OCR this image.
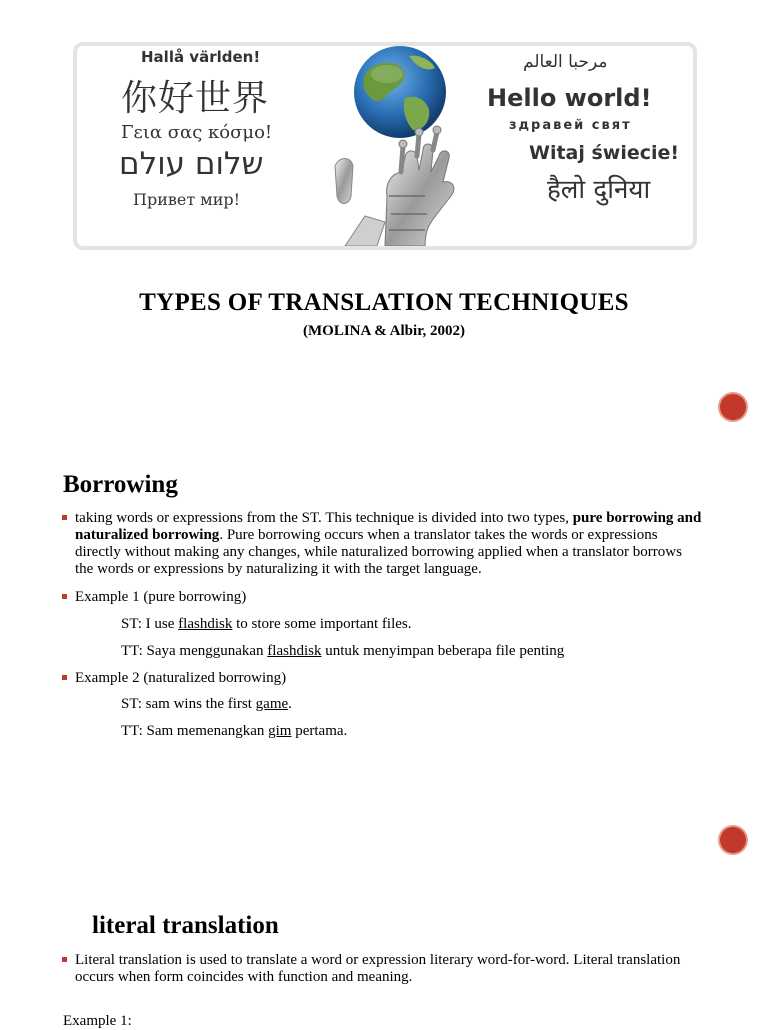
Hallå världen!
你好世界
Γεια σας κόσμο!
שלום עולם
Привет мир!
مرحبا العالم
Hello world!
здравей свят
Witaj świecie!
हैलो दुनिया
TYPES OF TRANSLATION TECHNIQUES
(MOLINA & Albir, 2002)
Borrowing

taking words or expressions from the ST. This technique is divided into two types, pure borrowing and naturalized borrowing. Pure borrowing occurs when a translator takes the words or expressions directly without making any changes, while naturalized borrowing applied when a translator borrows the words or expressions by naturalizing it with the target language.

Example 1 (pure borrowing)
ST: I use flashdisk to store some important files.
TT: Saya menggunakan flashdisk untuk menyimpan beberapa file penting
Example 2 (naturalized borrowing)
ST: sam wins the first game.
TT: Sam memenangkan gim pertama.
literal translation

Literal translation is used to translate a word or expression literary word-for-word. Literal translation occurs when form coincides with function and meaning.

Example 1:
